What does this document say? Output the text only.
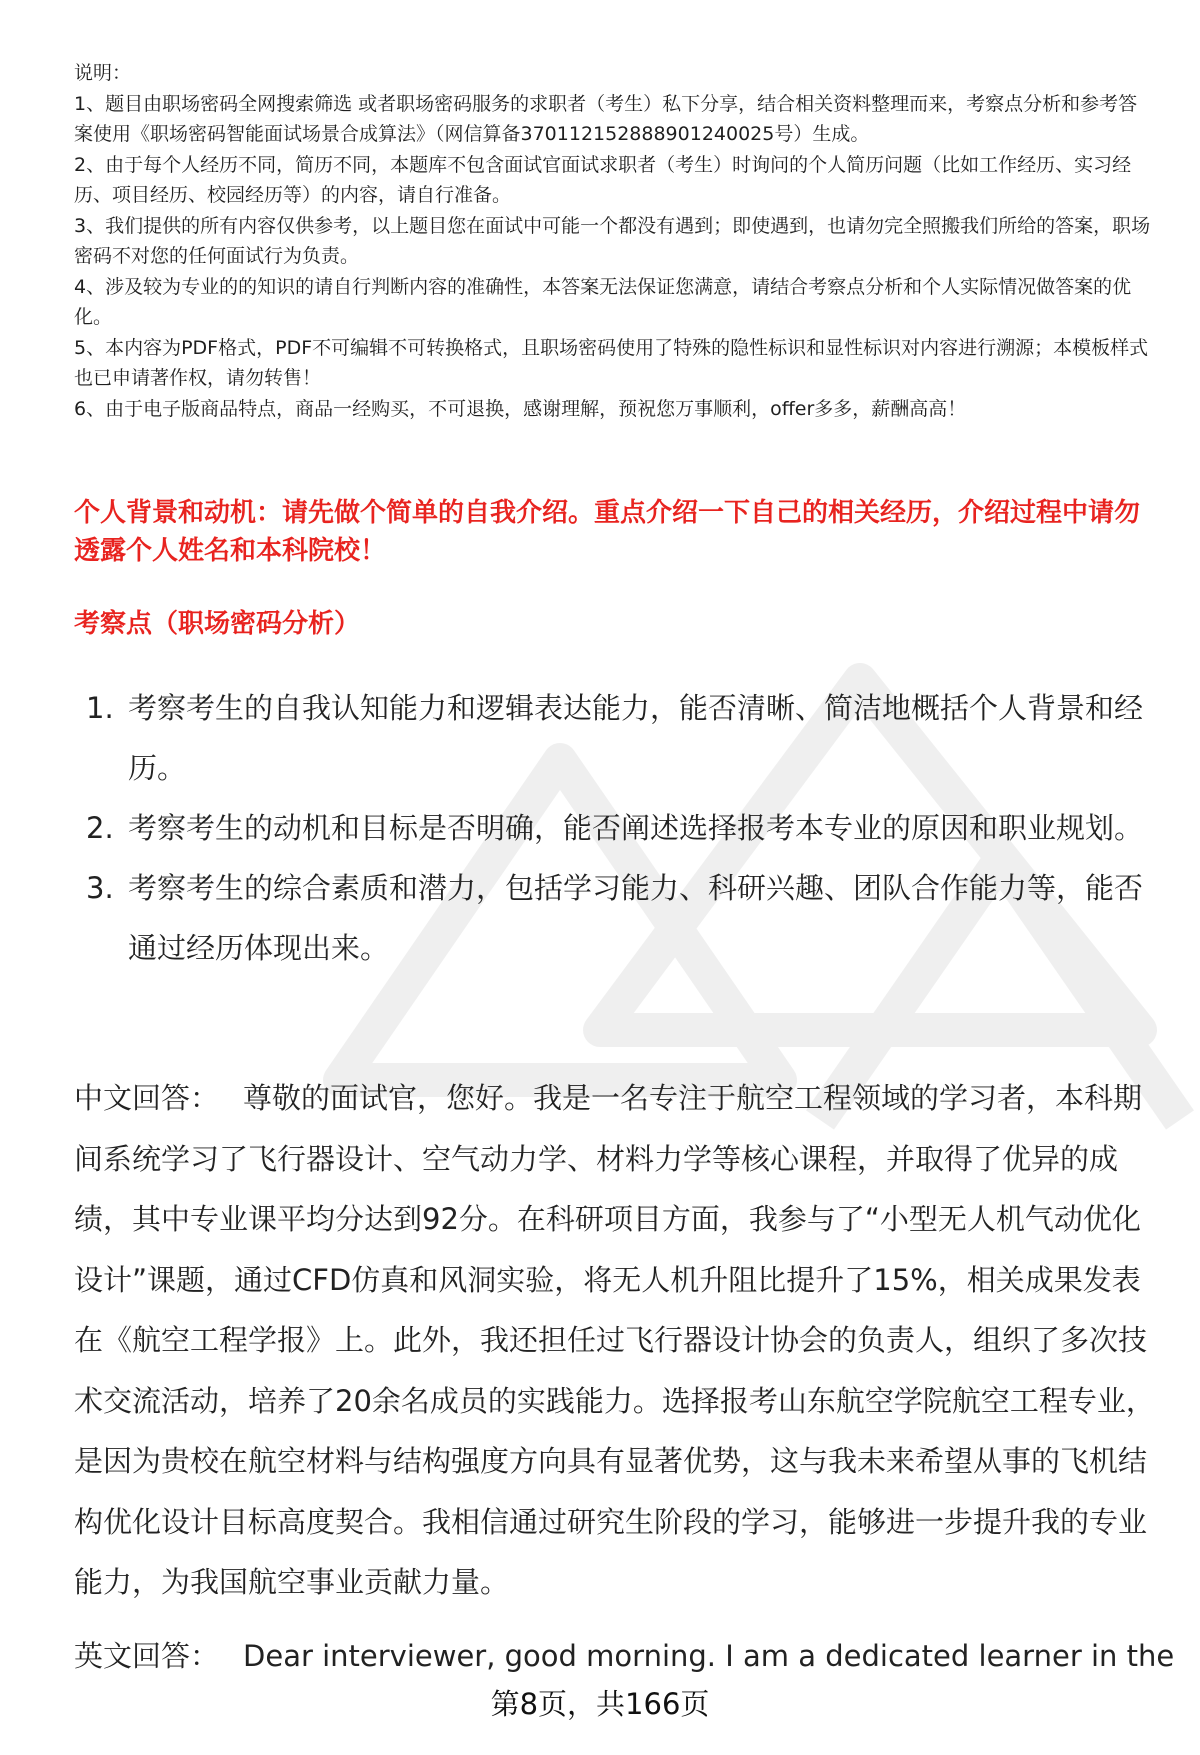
说明：

1、题目由职场密码全网搜索筛选 或者职场密码服务的求职者（考生）私下分享，结合相关资料整理而来，考察点分析和参考答案使用《职场密码智能面试场景合成算法》（网信算备370112152888901240025号）生成。

2、由于每个人经历不同，简历不同，本题库不包含面试官面试求职者（考生）时询问的个人简历问题（比如工作经历、实习经历、项目经历、校园经历等）的内容，请自行准备。

3、我们提供的所有内容仅供参考，以上题目您在面试中可能一个都没有遇到；即使遇到，也请勿完全照搬我们所给的答案，职场密码不对您的任何面试行为负责。

4、涉及较为专业的的知识的请自行判断内容的准确性，本答案无法保证您满意，请结合考察点分析和个人实际情况做答案的优化。

5、本内容为PDF格式，PDF不可编辑不可转换格式，且职场密码使用了特殊的隐性标识和显性标识对内容进行溯源；本模板样式也已申请著作权，请勿转售！

6、由于电子版商品特点，商品一经购买，不可退换，感谢理解，预祝您万事顺利，offer多多，薪酬高高！

个人背景和动机：请先做个简单的自我介绍。重点介绍一下自己的相关经历，介绍过程中请勿透露个人姓名和本科院校！
考察点（职场密码分析）
1. 考察考生的自我认知能力和逻辑表达能力，能否清晰、简洁地概括个人背景和经历。
2. 考察考生的动机和目标是否明确，能否阐述选择报考本专业的原因和职业规划。
3. 考察考生的综合素质和潜力，包括学习能力、科研兴趣、团队合作能力等，能否通过经历体现出来。

中文回答： 尊敬的面试官，您好。我是一名专注于航空工程领域的学习者，本科期间系统学习了飞行器设计、空气动力学、材料力学等核心课程，并取得了优异的成绩，其中专业课平均分达到92分。在科研项目方面，我参与了“小型无人机气动优化设计”课题，通过CFD仿真和风洞实验，将无人机升阻比提升了15%，相关成果发表在《航空工程学报》上。此外，我还担任过飞行器设计协会的负责人，组织了多次技术交流活动，培养了20余名成员的实践能力。选择报考山东航空学院航空工程专业，是因为贵校在航空材料与结构强度方向具有显著优势，这与我未来希望从事的飞机结构优化设计目标高度契合。我相信通过研究生阶段的学习，能够进一步提升我的专业能力，为我国航空事业贡献力量。

英文回答： Dear interviewer, good morning. I am a dedicated learner in the

第8页，共166页
